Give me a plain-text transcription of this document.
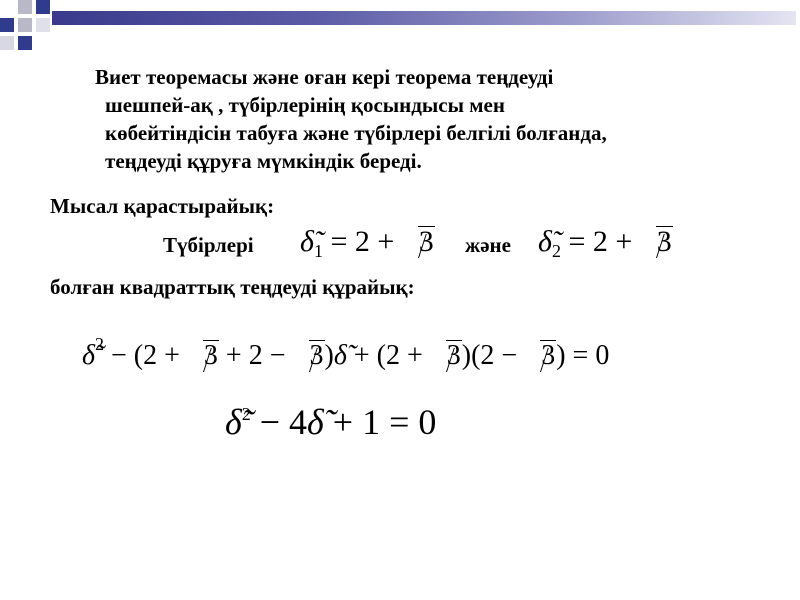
Виет теоремасы және оған кері теорема теңдеуді
шешпей-ақ , түбірлерінің қосындысы мен
көбейтіндісін табуға және түбірлері белгілі болғанда,
теңдеуді құруға мүмкіндік береді.
Мысал қарастырайық:
Түбірлері $\deltã_1 = 2 + 3$ және $\deltã_2 = 2 + 3$
болған квадраттық теңдеуді құрайық:
δ̃$^2$ − (2 + 3 + 2 − 3)δ̃ + (2 + 3)(2 − 3) = 0
δ̃$^2$ − 4δ̃ + 1 = 0
